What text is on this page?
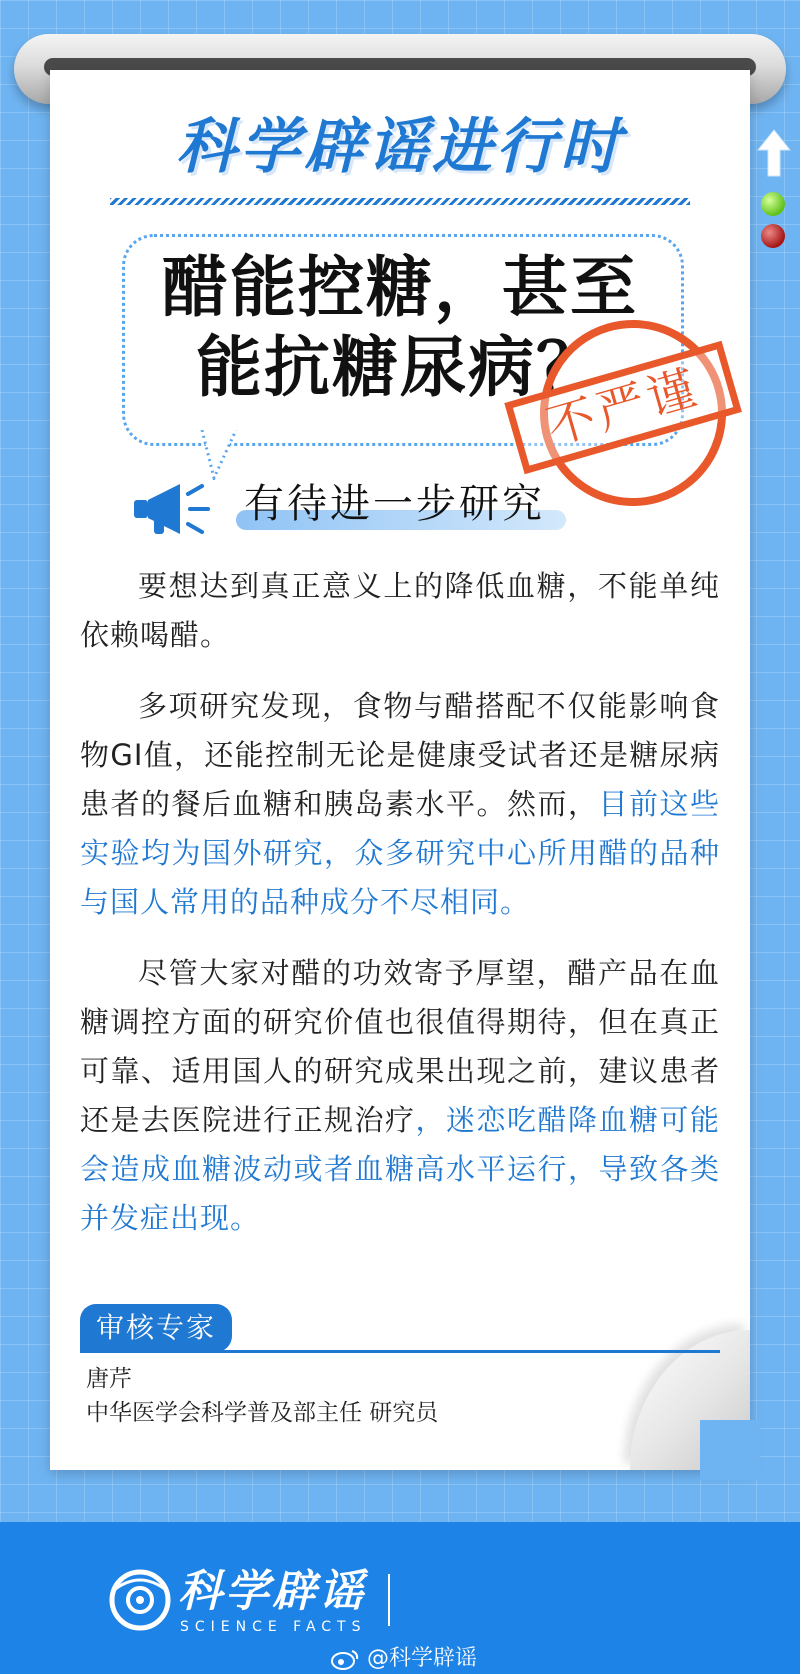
科学辟谣进行时
醋能控糖，甚至
能抗糖尿病？
不严谨
有待进一步研究

要想达到真正意义上的降低血糖，不能单纯依赖喝醋。

多项研究发现，食物与醋搭配不仅能影响食物GI值，还能控制无论是健康受试者还是糖尿病患者的餐后血糖和胰岛素水平。然而，目前这些实验均为国外研究，众多研究中心所用醋的品种与国人常用的品种成分不尽相同。

尽管大家对醋的功效寄予厚望，醋产品在血糖调控方面的研究价值也很值得期待，但在真正可靠、适用国人的研究成果出现之前，建议患者还是去医院进行正规治疗，迷恋吃醋降血糖可能会造成血糖波动或者血糖高水平运行，导致各类并发症出现。

审核专家
唐芹
中华医学会科学普及部主任 研究员
科学辟谣
SCIENCE FACTS
@科学辟谣
